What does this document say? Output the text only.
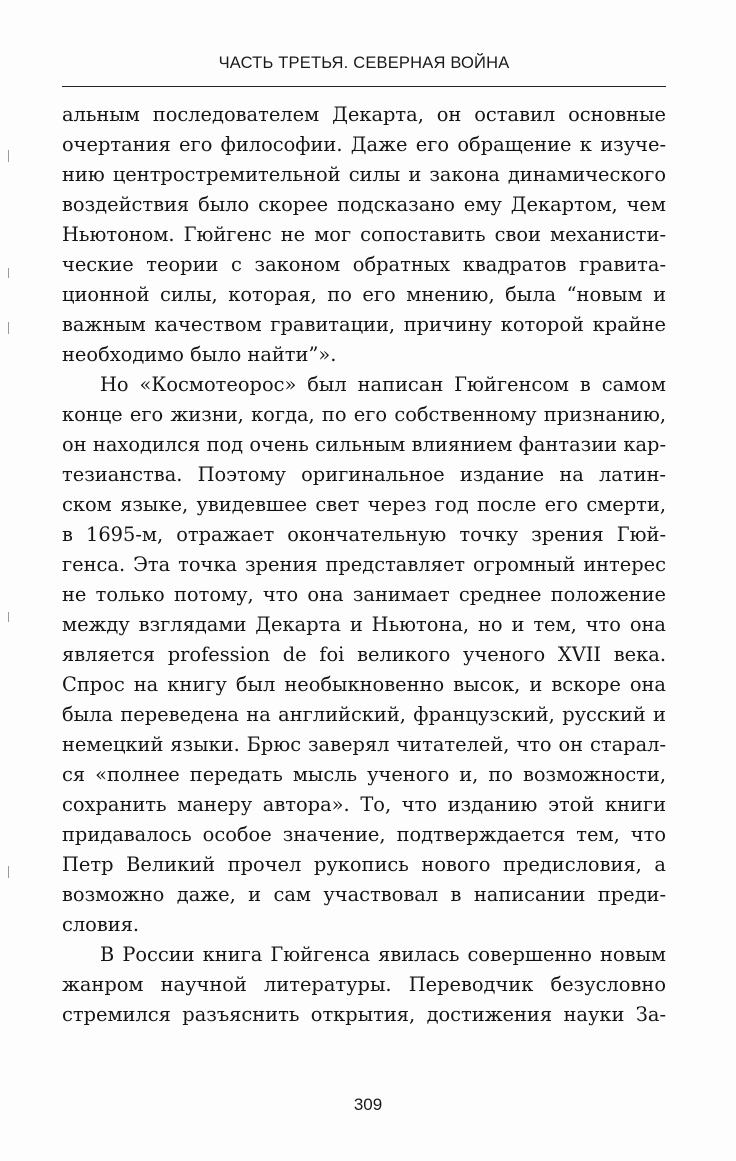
ЧАСТЬ ТРЕТЬЯ. СЕВЕРНАЯ ВОЙНА
альным последователем Декарта, он оставил основные
очертания его философии. Даже его обращение к изуче-
нию центростремительной силы и закона динамического
воздействия было скорее подсказано ему Декартом, чем
Ньютоном. Гюйгенс не мог сопоставить свои механисти-
ческие теории с законом обратных квадратов гравита-
ционной силы, которая, по его мнению, была “новым и
важным качеством гравитации, причину которой крайне
необходимо было найти”».
Но «Космотеорос» был написан Гюйгенсом в самом
конце его жизни, когда, по его собственному признанию,
он находился под очень сильным влиянием фантазии кар-
тезианства. Поэтому оригинальное издание на латин-
ском языке, увидевшее свет через год после его смерти,
в 1695-м, отражает окончательную точку зрения Гюй-
генса. Эта точка зрения представляет огромный интерес
не только потому, что она занимает среднее положение
между взглядами Декарта и Ньютона, но и тем, что она
является profession de foi великого ученого XVII века.
Спрос на книгу был необыкновенно высок, и вскоре она
была переведена на английский, французский, русский и
немецкий языки. Брюс заверял читателей, что он старал-
ся «полнее передать мысль ученого и, по возможности,
сохранить манеру автора». То, что изданию этой книги
придавалось особое значение, подтверждается тем, что
Петр Великий прочел рукопись нового предисловия, а
возможно даже, и сам участвовал в написании преди-
словия.
В России книга Гюйгенса явилась совершенно новым
жанром научной литературы. Переводчик безусловно
стремился разъяснить открытия, достижения науки За-
309
